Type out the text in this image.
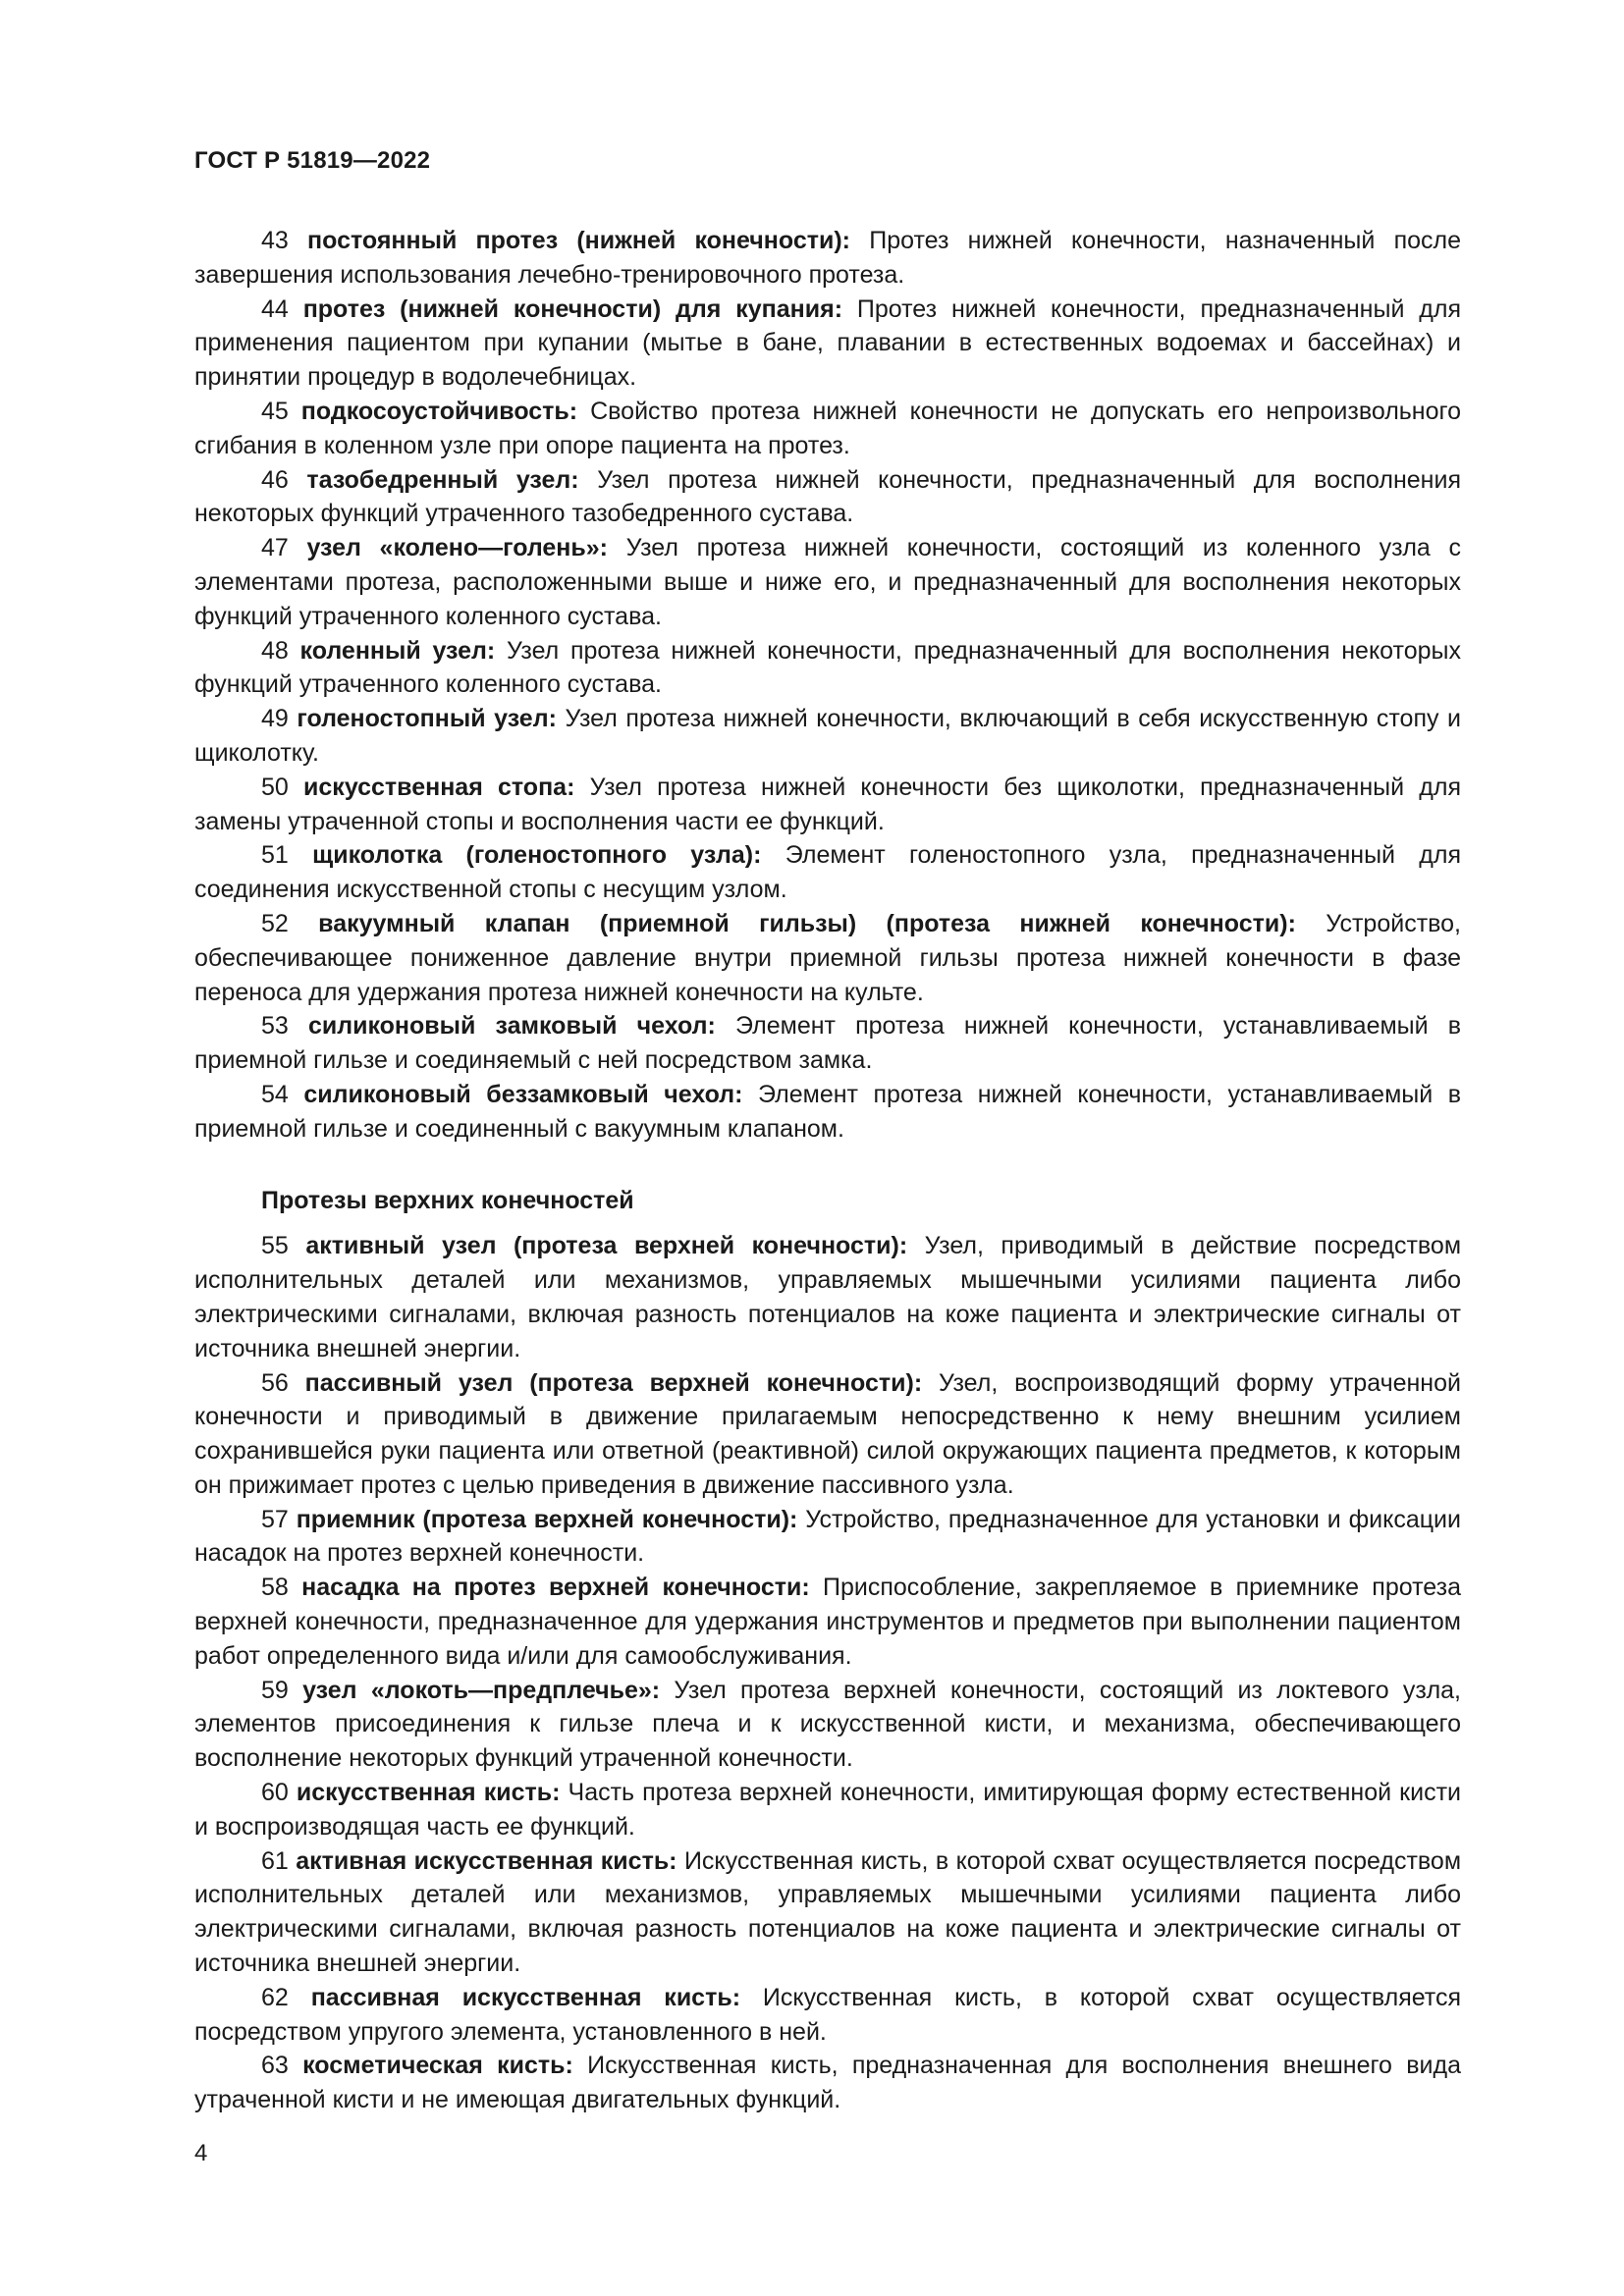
ГОСТ Р 51819—2022

43 постоянный протез (нижней конечности): Протез нижней конечности, назначенный после завершения использования лечебно-тренировочного протеза.

44 протез (нижней конечности) для купания: Протез нижней конечности, предназначенный для применения пациентом при купании (мытье в бане, плавании в естественных водоемах и бассейнах) и принятии процедур в водолечебницах.

45 подкосоустойчивость: Свойство протеза нижней конечности не допускать его непроизвольного сгибания в коленном узле при опоре пациента на протез.

46 тазобедренный узел: Узел протеза нижней конечности, предназначенный для восполнения некоторых функций утраченного тазобедренного сустава.

47 узел «колено—голень»: Узел протеза нижней конечности, состоящий из коленного узла с элементами протеза, расположенными выше и ниже его, и предназначенный для восполнения некоторых функций утраченного коленного сустава.

48 коленный узел: Узел протеза нижней конечности, предназначенный для восполнения некоторых функций утраченного коленного сустава.

49 голеностопный узел: Узел протеза нижней конечности, включающий в себя искусственную стопу и щиколотку.

50 искусственная стопа: Узел протеза нижней конечности без щиколотки, предназначенный для замены утраченной стопы и восполнения части ее функций.

51 щиколотка (голеностопного узла): Элемент голеностопного узла, предназначенный для соединения искусственной стопы с несущим узлом.

52 вакуумный клапан (приемной гильзы) (протеза нижней конечности): Устройство, обеспечивающее пониженное давление внутри приемной гильзы протеза нижней конечности в фазе переноса для удержания протеза нижней конечности на культе.

53 силиконовый замковый чехол: Элемент протеза нижней конечности, устанавливаемый в приемной гильзе и соединяемый с ней посредством замка.

54 силиконовый беззамковый чехол: Элемент протеза нижней конечности, устанавливаемый в приемной гильзе и соединенный с вакуумным клапаном.

Протезы верхних конечностей

55 активный узел (протеза верхней конечности): Узел, приводимый в действие посредством исполнительных деталей или механизмов, управляемых мышечными усилиями пациента либо электрическими сигналами, включая разность потенциалов на коже пациента и электрические сигналы от источника внешней энергии.

56 пассивный узел (протеза верхней конечности): Узел, воспроизводящий форму утраченной конечности и приводимый в движение прилагаемым непосредственно к нему внешним усилием сохранившейся руки пациента или ответной (реактивной) силой окружающих пациента предметов, к которым он прижимает протез с целью приведения в движение пассивного узла.

57 приемник (протеза верхней конечности): Устройство, предназначенное для установки и фиксации насадок на протез верхней конечности.

58 насадка на протез верхней конечности: Приспособление, закрепляемое в приемнике протеза верхней конечности, предназначенное для удержания инструментов и предметов при выполнении пациентом работ определенного вида и/или для самообслуживания.

59 узел «локоть—предплечье»: Узел протеза верхней конечности, состоящий из локтевого узла, элементов присоединения к гильзе плеча и к искусственной кисти, и механизма, обеспечивающего восполнение некоторых функций утраченной конечности.

60 искусственная кисть: Часть протеза верхней конечности, имитирующая форму естественной кисти и воспроизводящая часть ее функций.

61 активная искусственная кисть: Искусственная кисть, в которой схват осуществляется посредством исполнительных деталей или механизмов, управляемых мышечными усилиями пациента либо электрическими сигналами, включая разность потенциалов на коже пациента и электрические сигналы от источника внешней энергии.

62 пассивная искусственная кисть: Искусственная кисть, в которой схват осуществляется посредством упругого элемента, установленного в ней.

63 косметическая кисть: Искусственная кисть, предназначенная для восполнения внешнего вида утраченной кисти и не имеющая двигательных функций.

4
